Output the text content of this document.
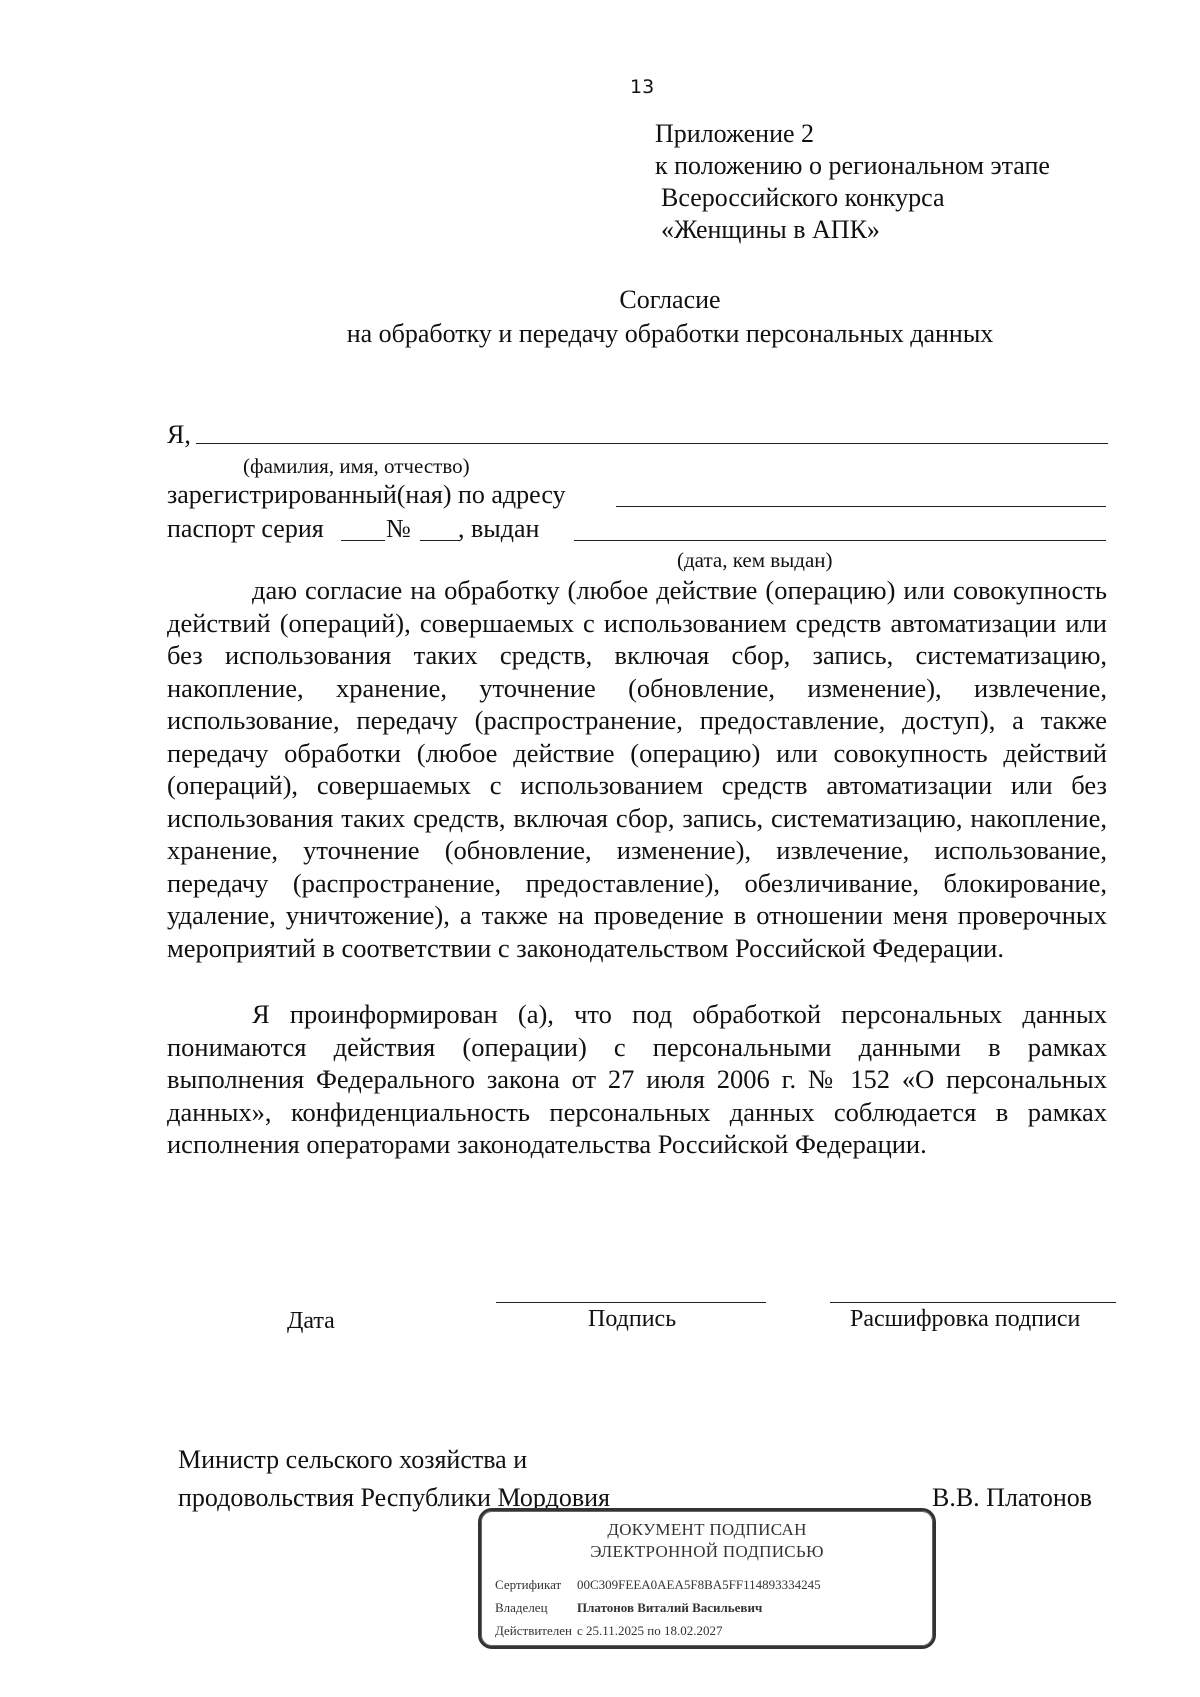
13
Приложение 2
к положению о региональном этапе
Всероссийского конкурса
«Женщины в АПК»
Согласие
на обработку и передачу обработки персональных данных
Я,
(фамилия, имя, отчество)
зарегистрированный(ная) по адресу
паспорт серия № , выдан
(дата, кем выдан)
даю согласие на обработку (любое действие (операцию) или совокупность действий (операций), совершаемых с использованием средств автоматизации или без использования таких средств, включая сбор, запись, систематизацию, накопление, хранение, уточнение (обновление, изменение), извлечение, использование, передачу (распространение, предоставление, доступ), а также передачу обработки (любое действие (операцию) или совокупность действий (операций), совершаемых с использованием средств автоматизации или без использования таких средств, включая сбор, запись, систематизацию, накопление, хранение, уточнение (обновление, изменение), извлечение, использование, передачу (распространение, предоставление), обезличивание, блокирование, удаление, уничтожение), а также на проведение в отношении меня проверочных мероприятий в соответствии с законодательством Российской Федерации.
Я проинформирован (а), что под обработкой персональных данных понимаются действия (операции) с персональными данными в рамках выполнения Федерального закона от 27 июля 2006 г. № 152 «О персональных данных», конфиденциальность персональных данных соблюдается в рамках исполнения операторами законодательства Российской Федерации.
Дата	Подпись	Расшифровка подписи
Министр сельского хозяйства и
продовольствия Республики Мордовия	В.В. Платонов
ДОКУМЕНТ ПОДПИСАН
ЭЛЕКТРОННОЙ ПОДПИСЬЮ
Сертификат 00C309FEEA0AEA5F8BA5FF114893334245
Владелец Платонов Виталий Васильевич
Действителен с 25.11.2025 по 18.02.2027
